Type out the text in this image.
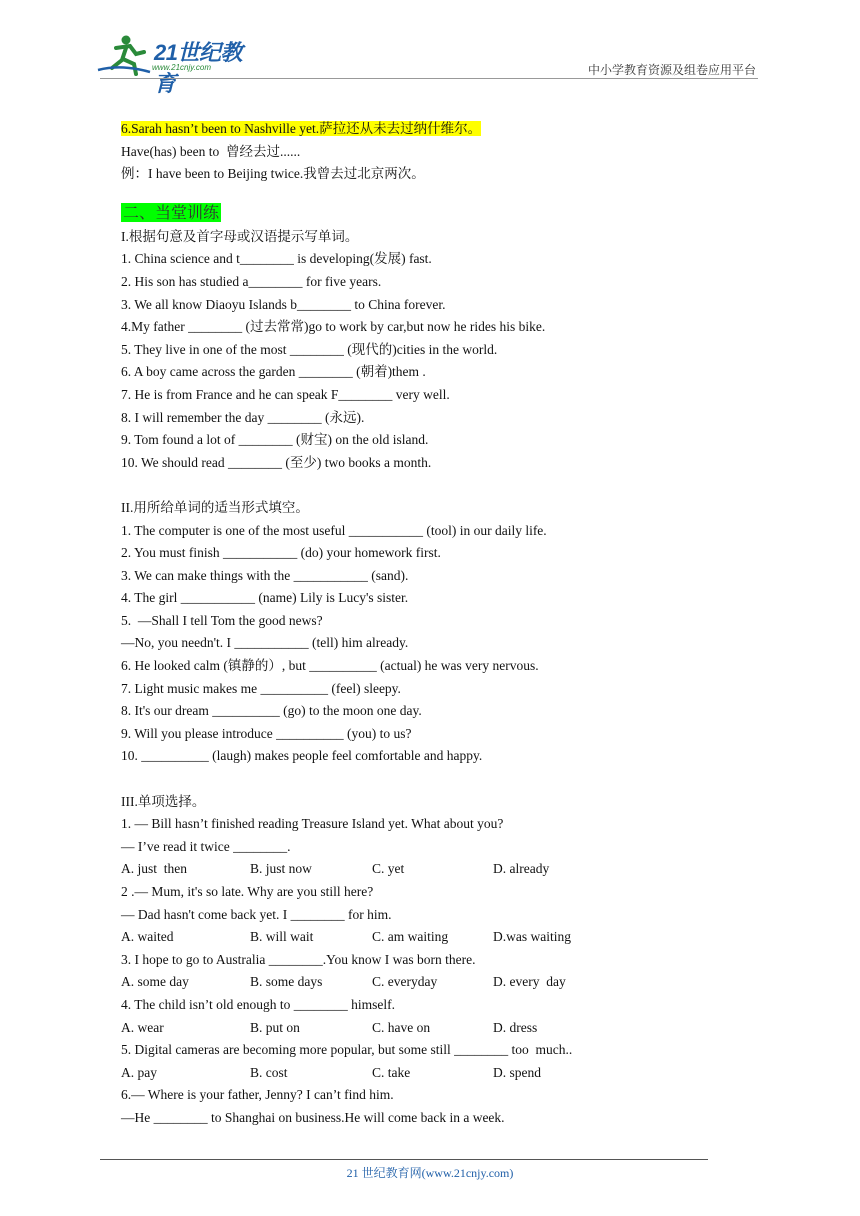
21世纪教育
www.21cnjy.com	中小学教育资源及组卷应用平台
6.Sarah hasn’t been to Nashville yet.萨拉还从未去过纳什维尔。
Have(has) been to  曾经去过......
例：I have been to Beijing twice.我曾去过北京两次。
二、当堂训练
I.根据句意及首字母或汉语提示写单词。
1. China science and t________ is developing(发展) fast.
2. His son has studied a________ for five years.
3. We all know Diaoyu Islands b________ to China forever.
4.My father ________ (过去常常)go to work by car,but now he rides his bike.
5. They live in one of the most ________ (现代的)cities in the world.
6. A boy came across the garden ________ (朝着)them .
7. He is from France and he can speak F________ very well.
8. I will remember the day ________ (永远).
9. Tom found a lot of ________ (财宝) on the old island.
10. We should read ________ (至少) two books a month.
II.用所给单词的适当形式填空。
1. The computer is one of the most useful ___________ (tool) in our daily life.
2. You must finish ___________ (do) your homework first.
3. We can make things with the ___________ (sand).
4. The girl ___________ (name) Lily is Lucy's sister.
5.  —Shall I tell Tom the good news?
—No, you needn't. I ___________ (tell) him already.
6. He looked calm (镇静的）, but __________ (actual) he was very nervous.
7. Light music makes me __________ (feel) sleepy.
8. It's our dream __________ (go) to the moon one day.
9. Will you please introduce __________ (you) to us?
10. __________ (laugh) makes people feel comfortable and happy.
III.单项选择。
1. — Bill hasn’t finished reading Treasure Island yet. What about you?
— I’ve read it twice ________.
A. just  then	B. just now	C. yet	D. already
2 .— Mum, it's so late. Why are you still here?
— Dad hasn't come back yet. I ________ for him.
A. waited	B. will wait	C. am waiting	D.was waiting
3. I hope to go to Australia ________.You know I was born there.
A. some day	B. some days	C. everyday	D. every  day
4. The child isn’t old enough to ________ himself.
A. wear	B. put on	C. have on	D. dress
5. Digital cameras are becoming more popular, but some still ________ too  much..
A. pay	B. cost	C. take	D. spend
6.— Where is your father, Jenny? I can’t find him.
—He ________ to Shanghai on business.He will come back in a week.
21 世纪教育网(www.21cnjy.com)
